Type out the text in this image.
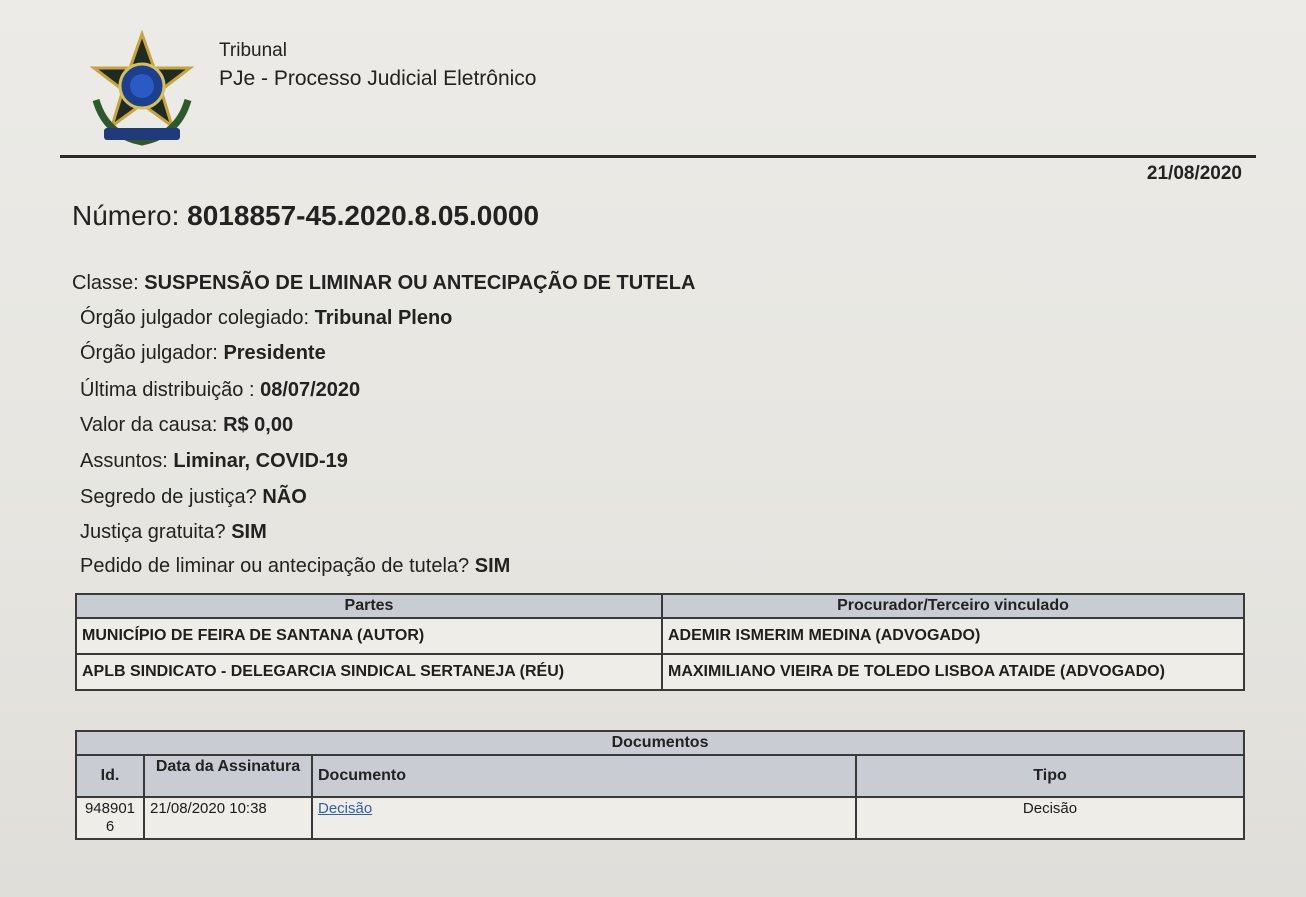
Tribunal
PJe - Processo Judicial Eletrônico
21/08/2020
Número: 8018857-45.2020.8.05.0000
Classe: SUSPENSÃO DE LIMINAR OU ANTECIPAÇÃO DE TUTELA
Órgão julgador colegiado: Tribunal Pleno
Órgão julgador: Presidente
Última distribuição : 08/07/2020
Valor da causa: R$ 0,00
Assuntos: Liminar, COVID-19
Segredo de justiça? NÃO
Justiça gratuita? SIM
Pedido de liminar ou antecipação de tutela? SIM
Partes	Procurador/Terceiro vinculado
MUNICÍPIO DE FEIRA DE SANTANA (AUTOR)	ADEMIR ISMERIM MEDINA (ADVOGADO)
APLB SINDICATO - DELEGARCIA SINDICAL SERTANEJA (RÉU)	MAXIMILIANO VIEIRA DE TOLEDO LISBOA ATAIDE (ADVOGADO)
Documentos			
Id.	Data da Assinatura	Documento	Tipo
9489016	21/08/2020 10:38	Decisão	Decisão
